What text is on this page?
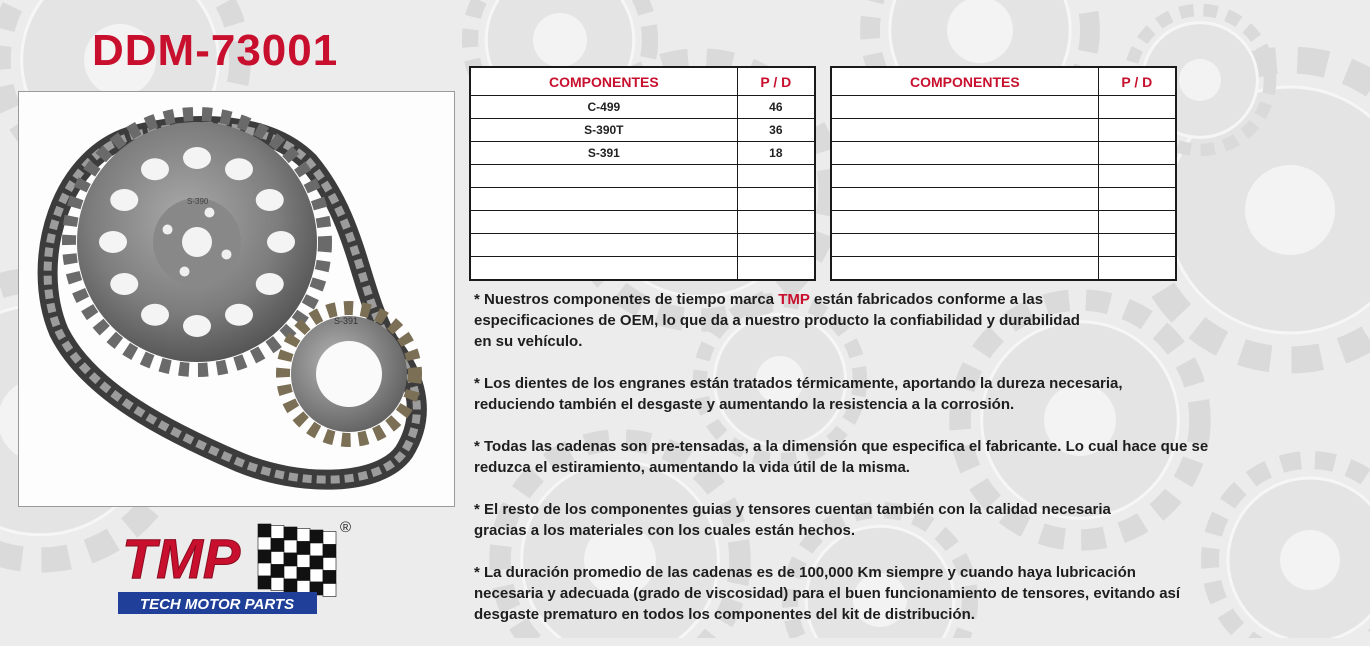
DDM-73001
S-390
S-391
TMP	®
TECH MOTOR PARTS
COMPONENTES	P / D
C-499	46
S-390T	36
S-391	18

COMPONENTES	P / D

* Nuestros componentes de tiempo marca TMP están fabricados conforme a las
especificaciones de OEM, lo que da a nuestro producto la confiabilidad y durabilidad
en su vehículo.

* Los dientes de los engranes están tratados térmicamente, aportando la dureza necesaria,
reduciendo también el desgaste y aumentando la resistencia a la corrosión.

* Todas las cadenas son pre-tensadas, a la dimensión que especifica el fabricante. Lo cual hace que se
reduzca el estiramiento, aumentando la vida útil de la misma.

* El resto de los componentes guias y tensores cuentan también con la calidad necesaria
gracias a los materiales con los cuales están hechos.

* La duración promedio de las cadenas es de 100,000 Km siempre y cuando haya lubricación
necesaria y adecuada (grado de viscosidad) para el buen funcionamiento de tensores, evitando así
desgaste prematuro en todos los componentes del kit de distribución.
